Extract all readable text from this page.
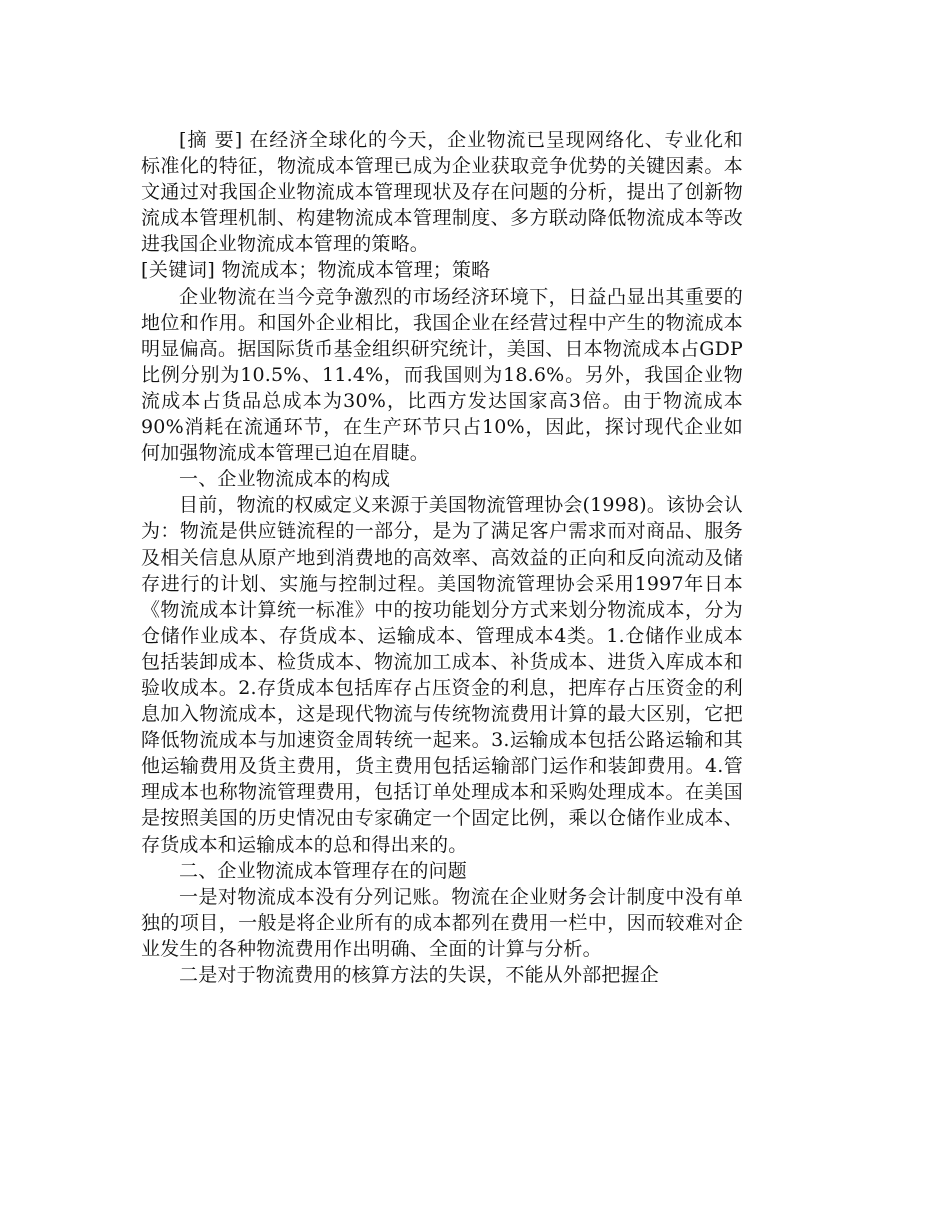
[摘 要] 在经济全球化的今天，企业物流已呈现网络化、专业化和标准化的特征，物流成本管理已成为企业获取竞争优势的关键因素。本文通过对我国企业物流成本管理现状及存在问题的分析，提出了创新物流成本管理机制、构建物流成本管理制度、多方联动降低物流成本等改进我国企业物流成本管理的策略。

[关键词] 物流成本；物流成本管理；策略

企业物流在当今竞争激烈的市场经济环境下，日益凸显出其重要的地位和作用。和国外企业相比，我国企业在经营过程中产生的物流成本明显偏高。据国际货币基金组织研究统计，美国、日本物流成本占GDP比例分别为10.5%、11.4%，而我国则为18.6%。另外，我国企业物流成本占货品总成本为30%，比西方发达国家高3倍。由于物流成本90%消耗在流通环节，在生产环节只占10%，因此，探讨现代企业如何加强物流成本管理已迫在眉睫。

一、企业物流成本的构成

目前，物流的权威定义来源于美国物流管理协会(1998)。该协会认为：物流是供应链流程的一部分，是为了满足客户需求而对商品、服务及相关信息从原产地到消费地的高效率、高效益的正向和反向流动及储存进行的计划、实施与控制过程。美国物流管理协会采用1997年日本《物流成本计算统一标准》中的按功能划分方式来划分物流成本，分为仓储作业成本、存货成本、运输成本、管理成本4类。1.仓储作业成本包括装卸成本、检货成本、物流加工成本、补货成本、进货入库成本和验收成本。2.存货成本包括库存占压资金的利息，把库存占压资金的利息加入物流成本，这是现代物流与传统物流费用计算的最大区别，它把降低物流成本与加速资金周转统一起来。3.运输成本包括公路运输和其他运输费用及货主费用，货主费用包括运输部门运作和装卸费用。4.管理成本也称物流管理费用，包括订单处理成本和采购处理成本。在美国是按照美国的历史情况由专家确定一个固定比例，乘以仓储作业成本、存货成本和运输成本的总和得出来的。

二、企业物流成本管理存在的问题

一是对物流成本没有分列记账。物流在企业财务会计制度中没有单独的项目，一般是将企业所有的成本都列在费用一栏中，因而较难对企业发生的各种物流费用作出明确、全面的计算与分析。

二是对于物流费用的核算方法的失误，不能从外部把握企
